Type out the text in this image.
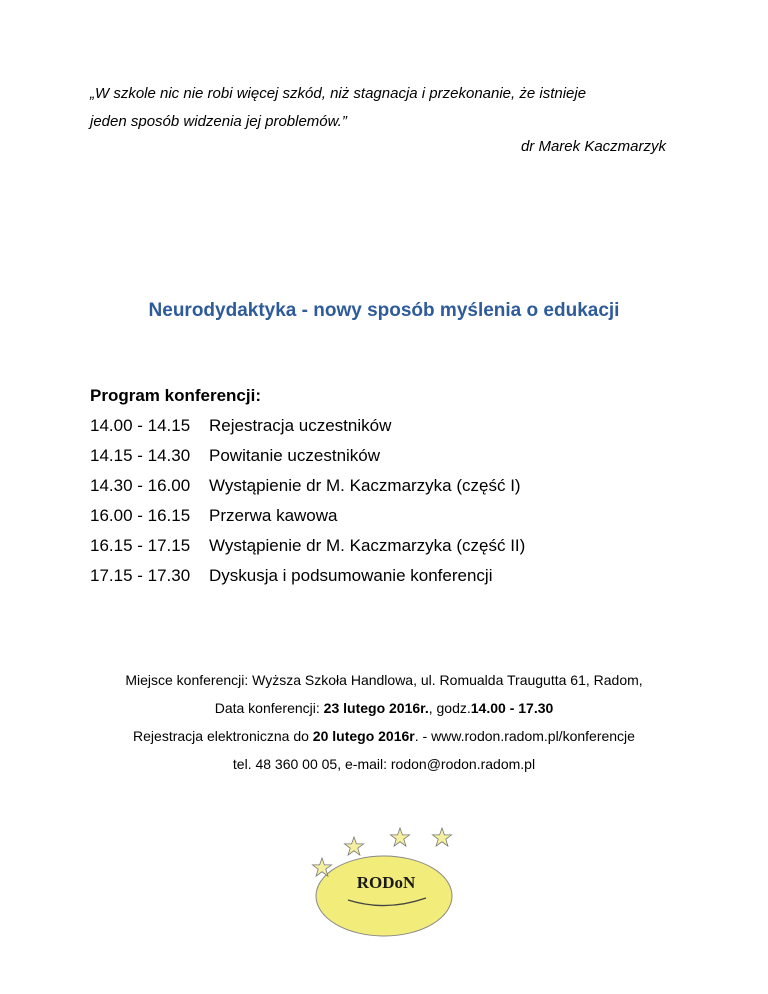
„W szkole nic nie robi więcej szkód, niż stagnacja i przekonanie, że istnieje
jeden sposób widzenia jej problemów.”
dr Marek Kaczmarzyk
Neurodydaktyka - nowy sposób myślenia o edukacji
Program konferencji:
14.00 - 14.15	Rejestracja uczestników
14.15 - 14.30	Powitanie uczestników
14.30 - 16.00	Wystąpienie dr M. Kaczmarzyka (część I)
16.00 - 16.15	Przerwa kawowa
16.15 - 17.15	Wystąpienie dr M. Kaczmarzyka (część II)
17.15 - 17.30	Dyskusja i podsumowanie konferencji
Miejsce konferencji: Wyższa Szkoła Handlowa, ul. Romualda Traugutta 61, Radom,
Data konferencji: 23 lutego 2016r., godz.14.00 - 17.30
Rejestracja elektroniczna do 20 lutego 2016r. - www.rodon.radom.pl/konferencje
tel. 48 360 00 05, e-mail: rodon@rodon.radom.pl
RODoN
